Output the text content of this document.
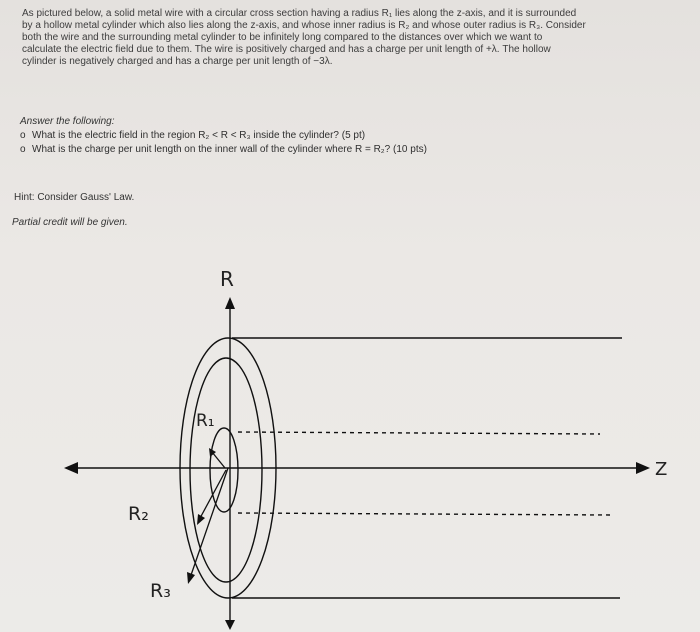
As pictured below, a solid metal wire with a circular cross section having a radius R₁ lies along the z-axis, and it is surrounded
by a hollow metal cylinder which also lies along the z-axis, and whose inner radius is R₂ and whose outer radius is R₃. Consider
both the wire and the surrounding metal cylinder to be infinitely long compared to the distances over which we want to
calculate the electric field due to them. The wire is positively charged and has a charge per unit length of +λ. The hollow
cylinder is negatively charged and has a charge per unit length of −3λ.
Answer the following:
o What is the electric field in the region R₂ < R < R₃ inside the cylinder? (5 pt)
o What is the charge per unit length on the inner wall of the cylinder where R = R₂? (10 pts)
Hint: Consider Gauss' Law.
Partial credit will be given.
R
Z
R₁
R₂
R₃
